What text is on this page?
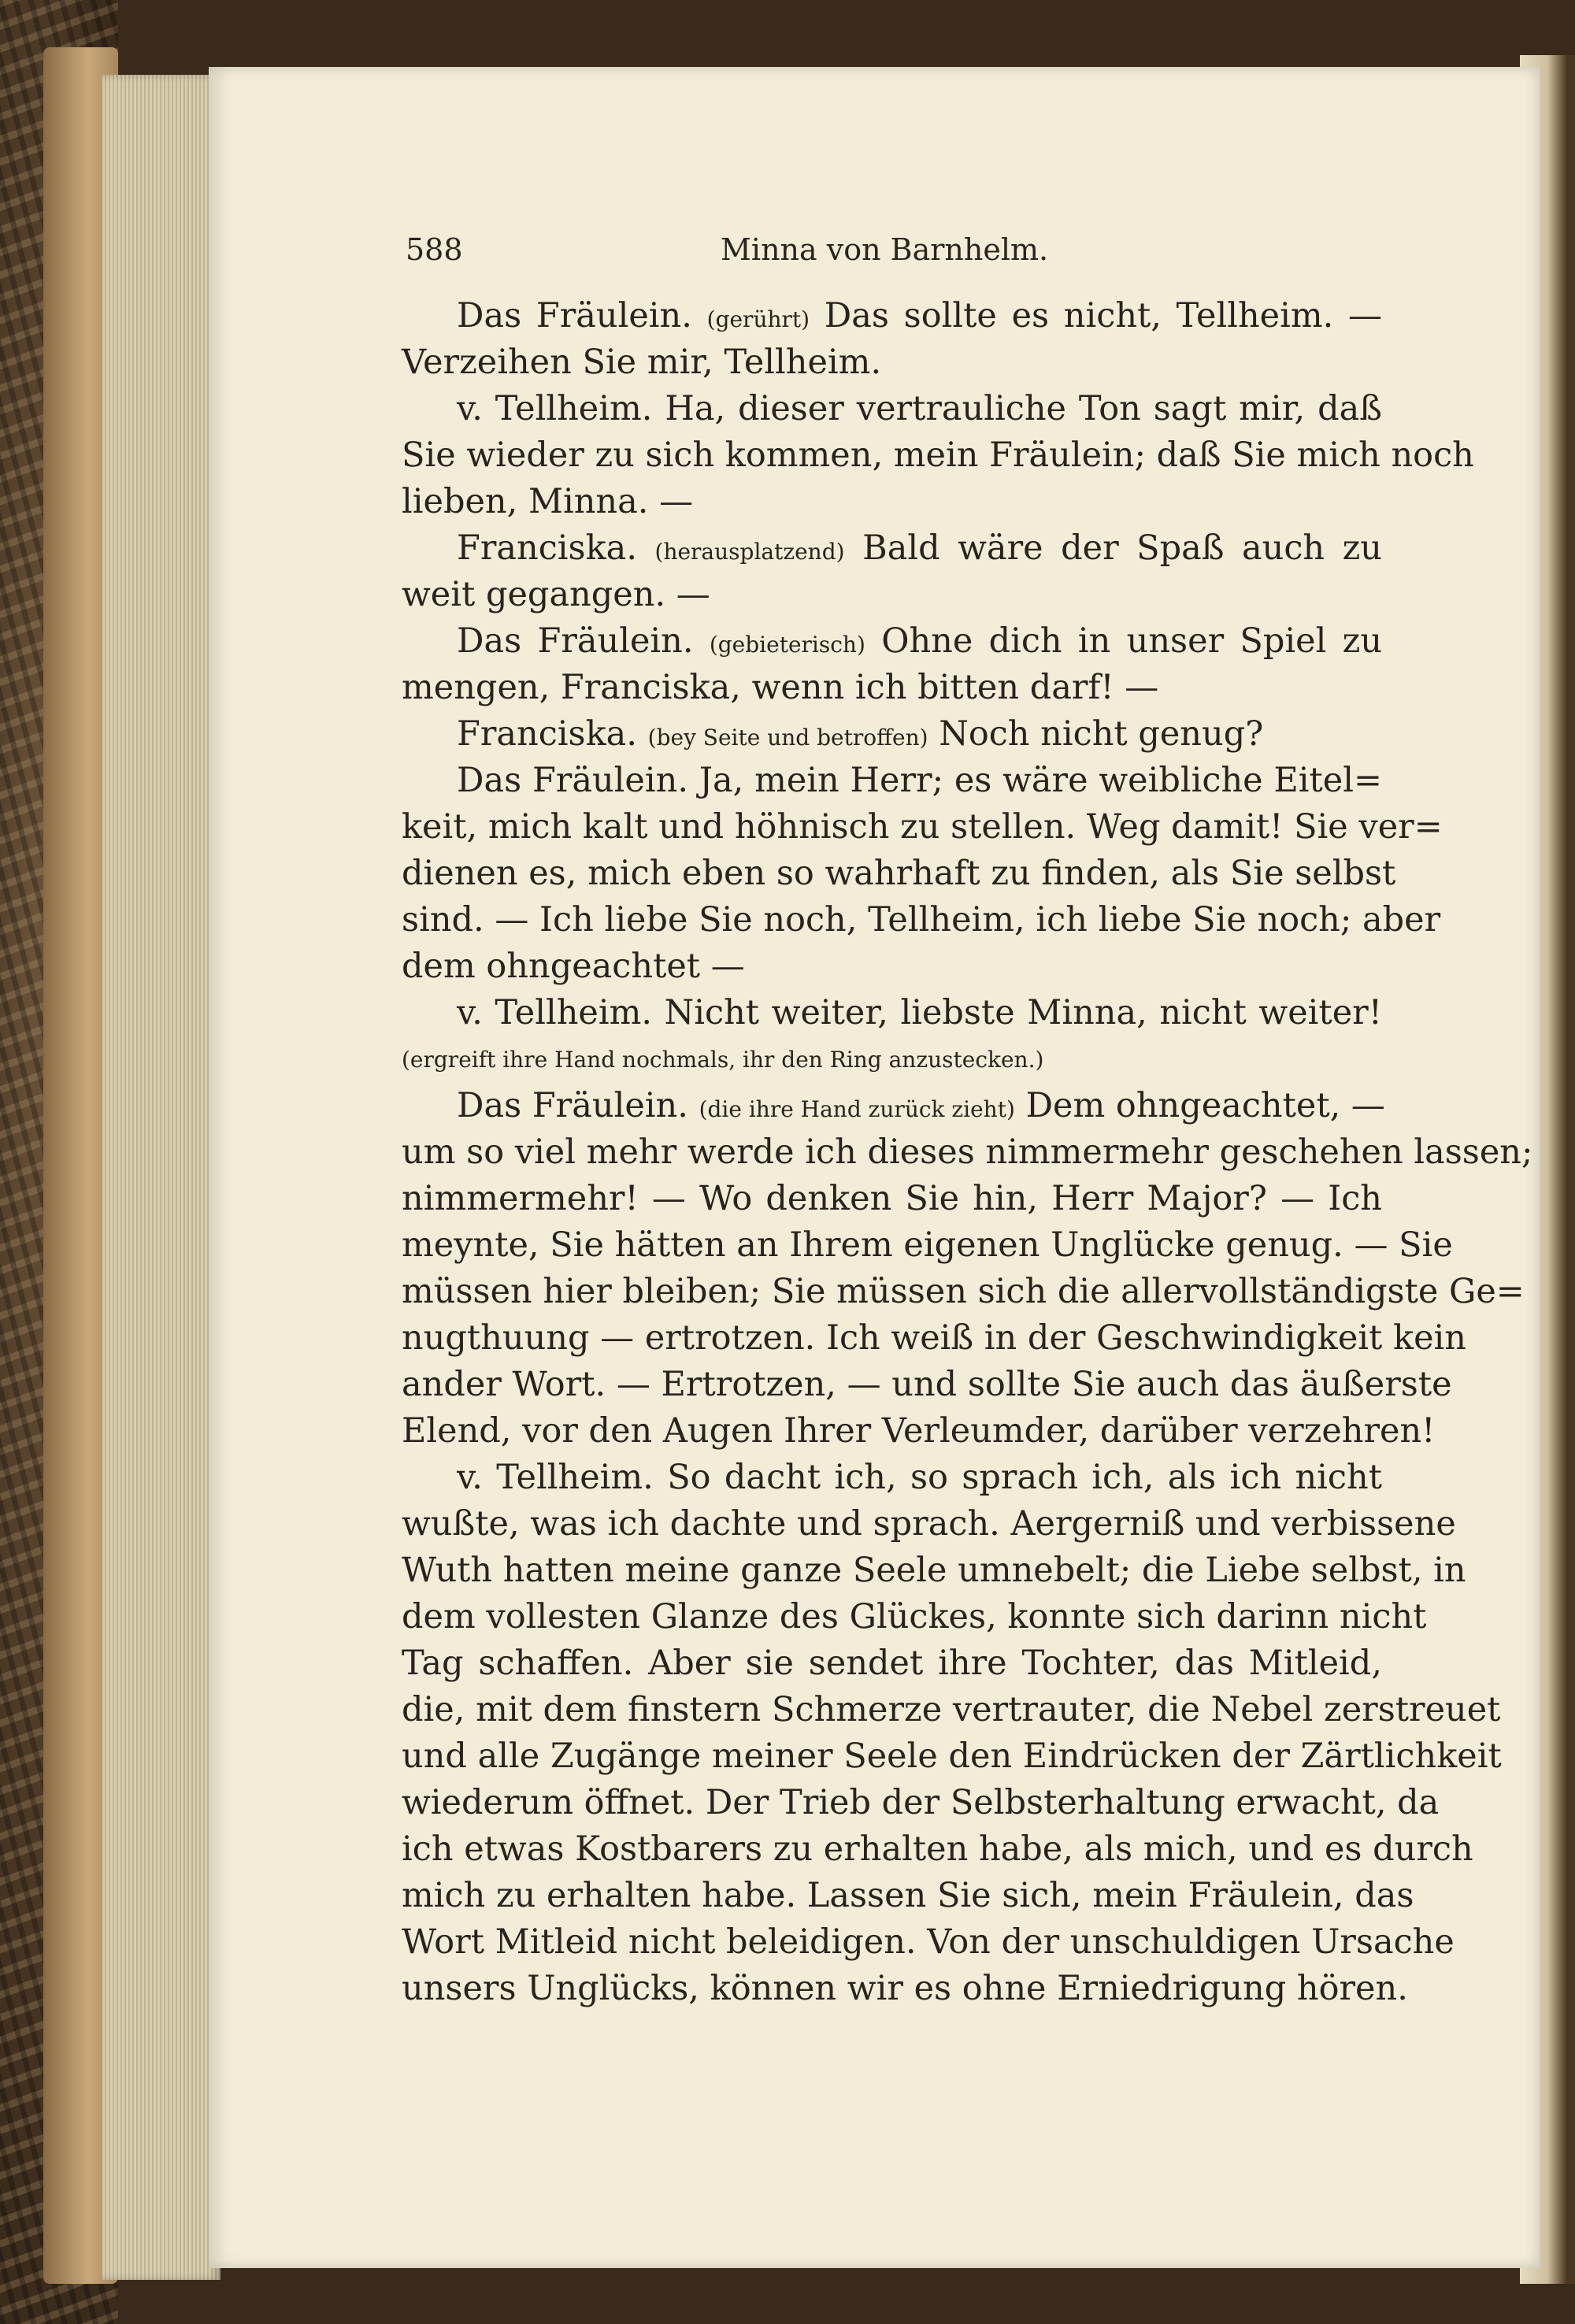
588	Minna von Barnhelm.
Das Fräulein. (gerührt) Das sollte es nicht, Tellheim. —
Verzeihen Sie mir, Tellheim.
v. Tellheim. Ha, dieser vertrauliche Ton sagt mir, daß
Sie wieder zu sich kommen, mein Fräulein; daß Sie mich noch
lieben, Minna. —
Franciska. (herausplatzend) Bald wäre der Spaß auch zu
weit gegangen. —
Das Fräulein. (gebieterisch) Ohne dich in unser Spiel zu
mengen, Franciska, wenn ich bitten darf! —
Franciska. (bey Seite und betroffen) Noch nicht genug?
Das Fräulein. Ja, mein Herr; es wäre weibliche Eitel=
keit, mich kalt und höhnisch zu stellen. Weg damit! Sie ver=
dienen es, mich eben so wahrhaft zu finden, als Sie selbst
sind. — Ich liebe Sie noch, Tellheim, ich liebe Sie noch; aber
dem ohngeachtet —
v. Tellheim. Nicht weiter, liebste Minna, nicht weiter!
(ergreift ihre Hand nochmals, ihr den Ring anzustecken.)
Das Fräulein. (die ihre Hand zurück zieht) Dem ohngeachtet, —
um so viel mehr werde ich dieses nimmermehr geschehen lassen;
nimmermehr! — Wo denken Sie hin, Herr Major? — Ich
meynte, Sie hätten an Ihrem eigenen Unglücke genug. — Sie
müssen hier bleiben; Sie müssen sich die allervollständigste Ge=
nugthuung — ertrotzen. Ich weiß in der Geschwindigkeit kein
ander Wort. — Ertrotzen, — und sollte Sie auch das äußerste
Elend, vor den Augen Ihrer Verleumder, darüber verzehren!
v. Tellheim. So dacht ich, so sprach ich, als ich nicht
wußte, was ich dachte und sprach. Aergerniß und verbissene
Wuth hatten meine ganze Seele umnebelt; die Liebe selbst, in
dem vollesten Glanze des Glückes, konnte sich darinn nicht
Tag schaffen. Aber sie sendet ihre Tochter, das Mitleid,
die, mit dem finstern Schmerze vertrauter, die Nebel zerstreuet
und alle Zugänge meiner Seele den Eindrücken der Zärtlichkeit
wiederum öffnet. Der Trieb der Selbsterhaltung erwacht, da
ich etwas Kostbarers zu erhalten habe, als mich, und es durch
mich zu erhalten habe. Lassen Sie sich, mein Fräulein, das
Wort Mitleid nicht beleidigen. Von der unschuldigen Ursache
unsers Unglücks, können wir es ohne Erniedrigung hören.
